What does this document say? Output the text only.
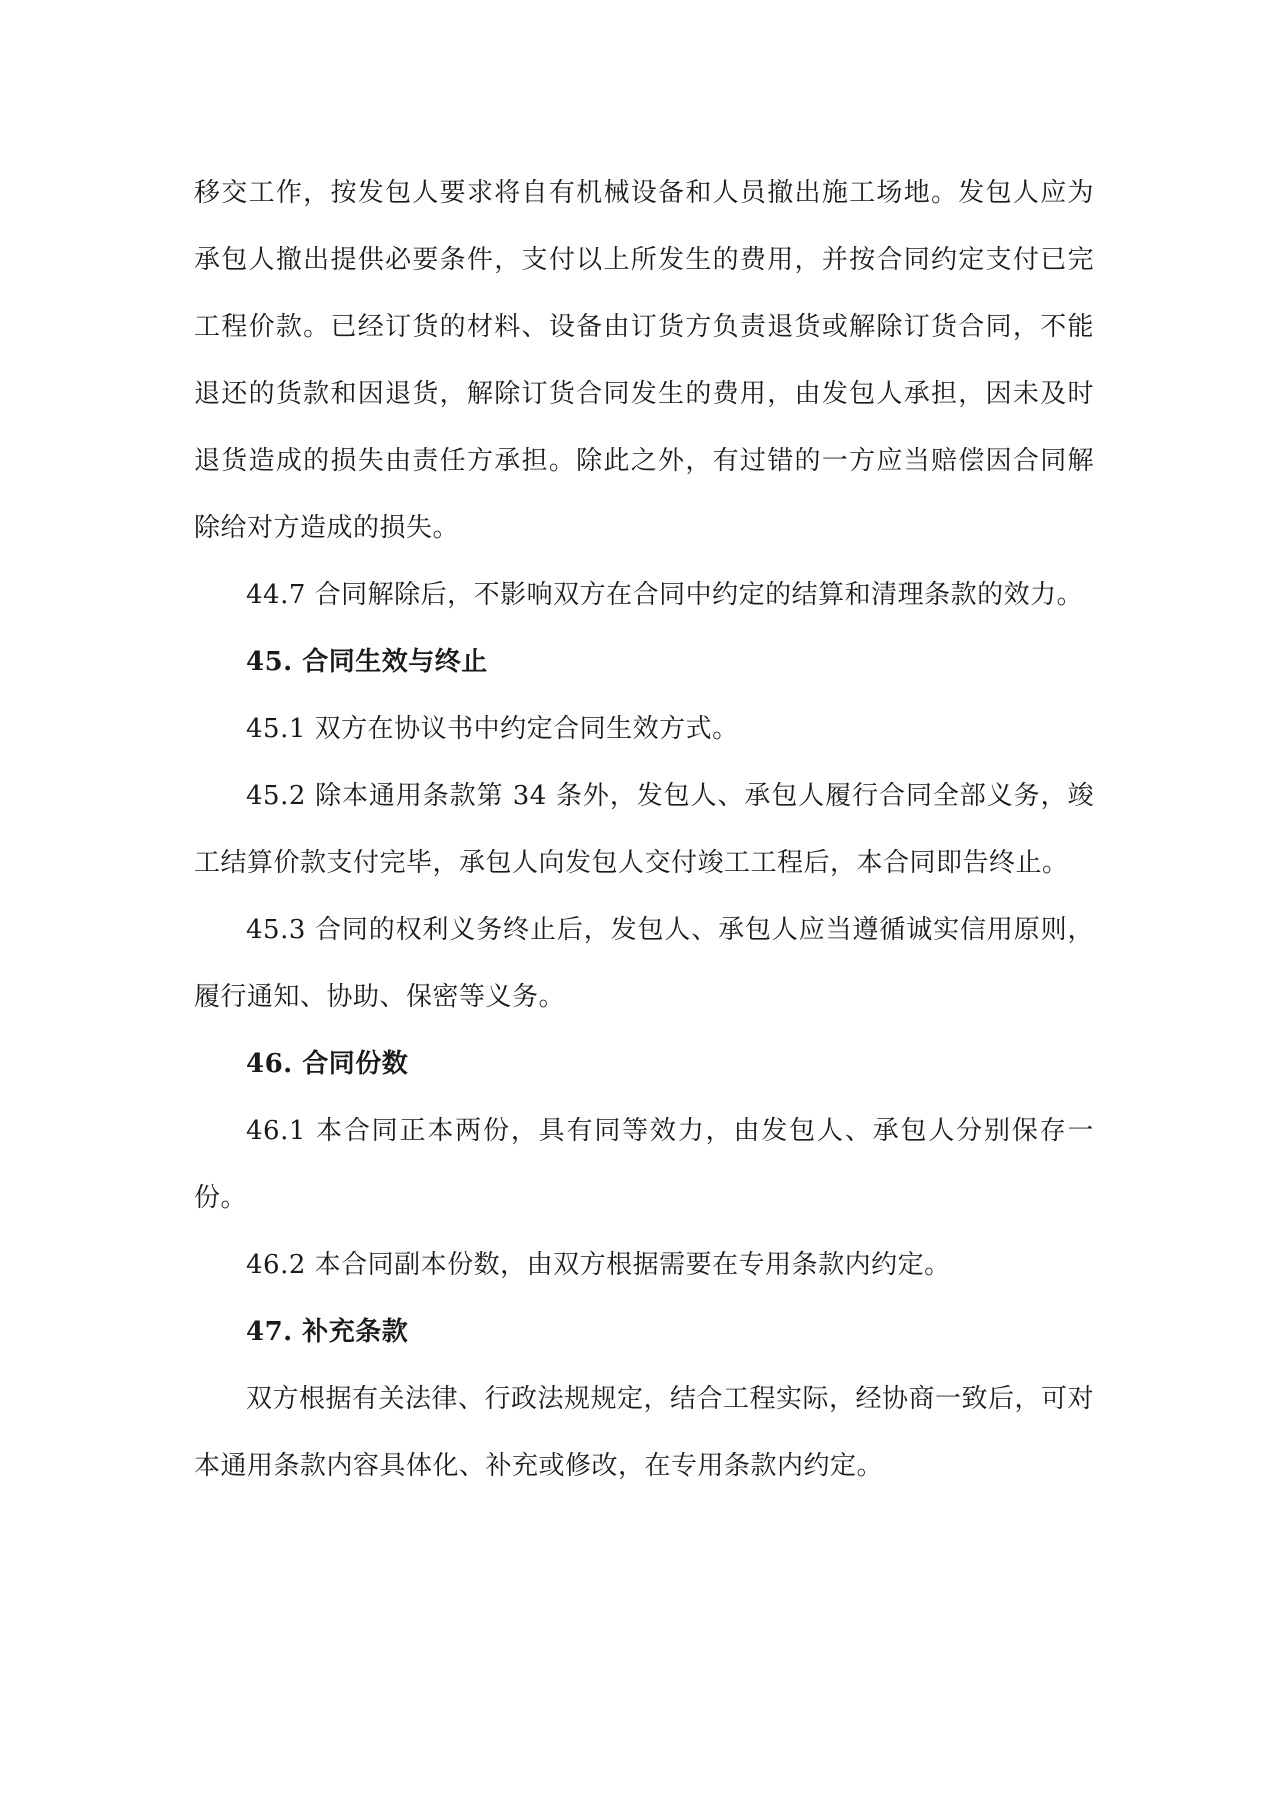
移交工作，按发包人要求将自有机械设备和人员撤出施工场地。发包人应为承包人撤出提供必要条件，支付以上所发生的费用，并按合同约定支付已完工程价款。已经订货的材料、设备由订货方负责退货或解除订货合同，不能退还的货款和因退货，解除订货合同发生的费用，由发包人承担，因未及时退货造成的损失由责任方承担。除此之外，有过错的一方应当赔偿因合同解除给对方造成的损失。

44.7 合同解除后，不影响双方在合同中约定的结算和清理条款的效力。

45. 合同生效与终止

45.1 双方在协议书中约定合同生效方式。

45.2 除本通用条款第 34 条外，发包人、承包人履行合同全部义务，竣工结算价款支付完毕，承包人向发包人交付竣工工程后，本合同即告终止。

45.3 合同的权利义务终止后，发包人、承包人应当遵循诚实信用原则，履行通知、协助、保密等义务。

46. 合同份数

46.1 本合同正本两份，具有同等效力，由发包人、承包人分别保存一份。

46.2 本合同副本份数，由双方根据需要在专用条款内约定。

47. 补充条款

双方根据有关法律、行政法规规定，结合工程实际，经协商一致后，可对本通用条款内容具体化、补充或修改，在专用条款内约定。
